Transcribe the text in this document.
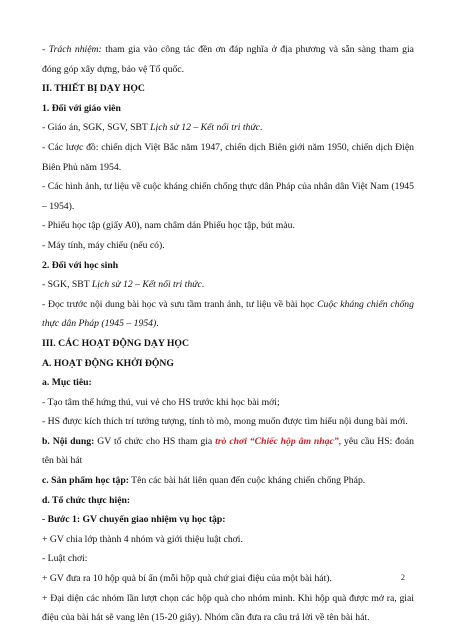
- Trách nhiệm: tham gia vào công tác đền ơn đáp nghĩa ở địa phương và sẵn sàng tham gia đóng góp xây dựng, bảo vệ Tổ quốc.

II. THIẾT BỊ DẠY HỌC

1. Đối với giáo viên

- Giáo án, SGK, SGV, SBT Lịch sử 12 – Kết nối tri thức.

- Các lược đồ: chiến dịch Việt Bắc năm 1947, chiến dịch Biên giới năm 1950, chiến dịch Điện Biên Phủ năm 1954.

- Các hình ảnh, tư liệu về cuộc kháng chiến chống thực dân Pháp của nhân dân Việt Nam (1945 – 1954).

- Phiếu học tập (giấy A0), nam châm dán Phiếu học tập, bút màu.

- Máy tính, máy chiếu (nếu có).

2. Đối với học sinh

- SGK, SBT Lịch sử 12 – Kết nối tri thức.

- Đọc trước nội dung bài học và sưu tầm tranh ảnh, tư liệu về bài học Cuộc kháng chiến chống thực dân Pháp (1945 – 1954).

III. CÁC HOẠT ĐỘNG DẠY HỌC

A. HOẠT ĐỘNG KHỞI ĐỘNG

a. Mục tiêu:

- Tạo tâm thế hứng thú, vui vẻ cho HS trước khi học bài mới;

- HS được kích thích trí tưởng tượng, tính tò mò, mong muốn được tìm hiểu nội dung bài mới.

b. Nội dung: GV tổ chức cho HS tham gia trò chơi “Chiếc hộp âm nhạc”, yêu cầu HS: đoán tên bài hát

c. Sản phẩm học tập: Tên các bài hát liên quan đến cuộc kháng chiến chống Pháp.

d. Tổ chức thực hiện:

- Bước 1: GV chuyển giao nhiệm vụ học tập:

+ GV chia lớp thành 4 nhóm và giới thiệu luật chơi.

- Luật chơi:

+ GV đưa ra 10 hộp quà bí ẩn (mỗi hộp quà chứ giai điệu của một bài hát).

+ Đại diện các nhóm lần lượt chọn các hộp quà cho nhóm mình. Khi hộp quà được mở ra, giai điệu của bài hát sẽ vang lên (15-20 giây). Nhóm cần đưa ra câu trả lời về tên bài hát.

2
